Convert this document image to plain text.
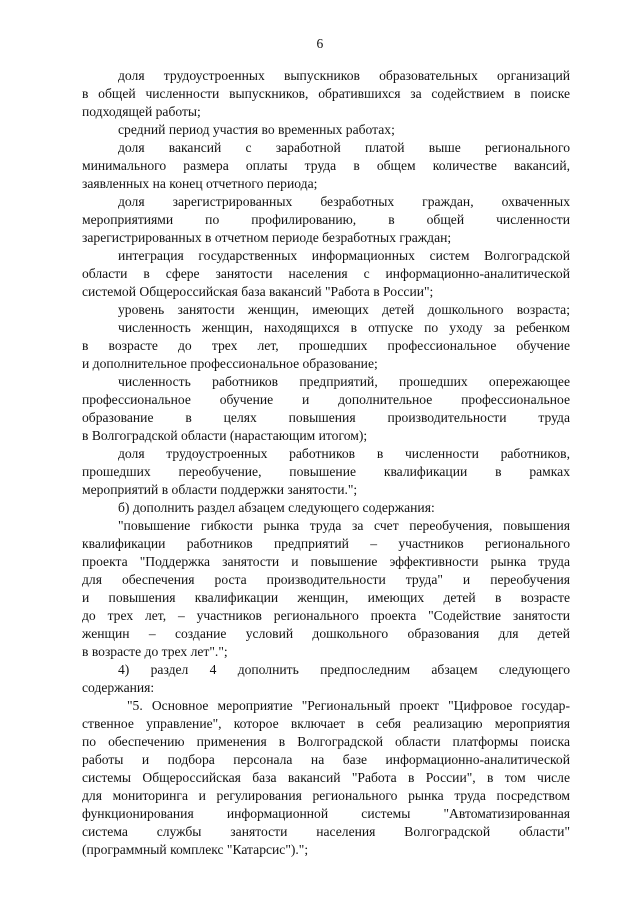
6
доля трудоустроенных выпускников образовательных организаций
в общей численности выпускников, обратившихся за содействием в поиске
подходящей работы;
средний период участия во временных работах;
доля вакансий с заработной платой выше регионального
минимального размера оплаты труда в общем количестве вакансий,
заявленных на конец отчетного периода;
доля зарегистрированных безработных граждан, охваченных
мероприятиями по профилированию, в общей численности
зарегистрированных в отчетном периоде безработных граждан;
интеграция государственных информационных систем Волгоградской
области в сфере занятости населения с информационно-аналитической
системой Общероссийская база вакансий "Работа в России";
уровень занятости женщин, имеющих детей дошкольного возраста;
численность женщин, находящихся в отпуске по уходу за ребенком
в возрасте до трех лет, прошедших профессиональное обучение
и дополнительное профессиональное образование;
численность работников предприятий, прошедших опережающее
профессиональное обучение и дополнительное профессиональное
образование в целях повышения производительности труда
в Волгоградской области (нарастающим итогом);
доля трудоустроенных работников в численности работников,
прошедших переобучение, повышение квалификации в рамках
мероприятий в области поддержки занятости.";
б) дополнить раздел абзацем следующего содержания:
"повышение гибкости рынка труда за счет переобучения, повышения
квалификации работников предприятий – участников регионального
проекта "Поддержка занятости и повышение эффективности рынка труда
для обеспечения роста производительности труда" и переобучения
и повышения квалификации женщин, имеющих детей в возрасте
до трех лет, – участников регионального проекта "Содействие занятости
женщин – создание условий дошкольного образования для детей
в возрасте до трех лет".";
4) раздел 4 дополнить предпоследним абзацем следующего
содержания:
"5. Основное мероприятие "Региональный проект "Цифровое государ-
ственное управление", которое включает в себя реализацию мероприятия
по обеспечению применения в Волгоградской области платформы поиска
работы и подбора персонала на базе информационно-аналитической
системы Общероссийская база вакансий "Работа в России", в том числе
для мониторинга и регулирования регионального рынка труда посредством
функционирования информационной системы "Автоматизированная
система службы занятости населения Волгоградской области"
(программный комплекс "Катарсис").";
